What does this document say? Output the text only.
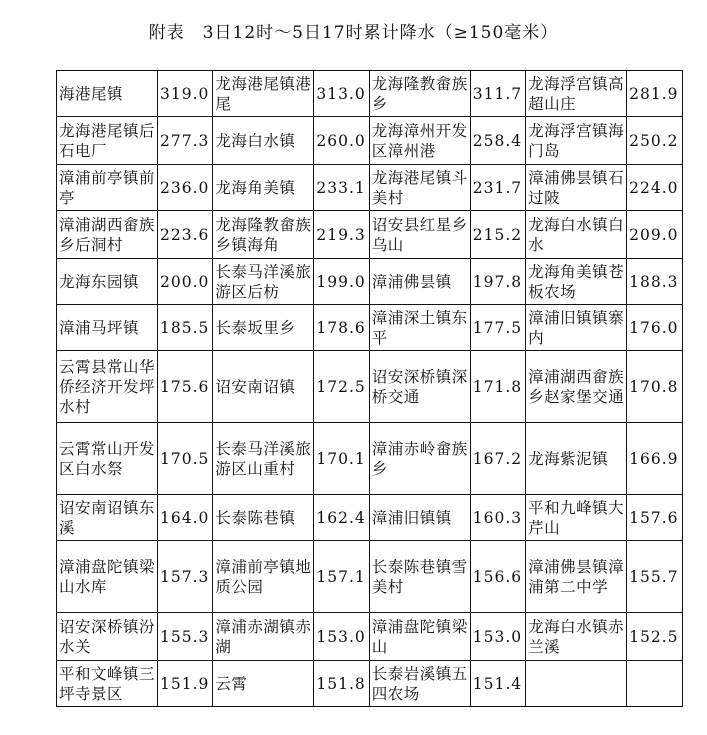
附表　3日12时～5日17时累计降水（≥150毫米）
海港尾镇	319.0	龙海港尾镇港尾	313.0	龙海隆教畲族乡	311.7	龙海浮宫镇高超山庄	281.9
龙海港尾镇后石电厂	277.3	龙海白水镇	260.0	龙海漳州开发区漳州港	258.4	龙海浮宫镇海门岛	250.2
漳浦前亭镇前亭	236.0	龙海角美镇	233.1	龙海港尾镇斗美村	231.7	漳浦佛昙镇石过陂	224.0
漳浦湖西畲族乡后洞村	223.6	龙海隆教畲族乡镇海角	219.3	诏安县红星乡乌山	215.2	龙海白水镇白水	209.0
龙海东园镇	200.0	长泰马洋溪旅游区后枋	199.0	漳浦佛昙镇	197.8	龙海角美镇苍板农场	188.3
漳浦马坪镇	185.5	长泰坂里乡	178.6	漳浦深土镇东平	177.5	漳浦旧镇镇寨内	176.0
云霄县常山华侨经济开发坪水村	175.6	诏安南诏镇	172.5	诏安深桥镇深桥交通	171.8	漳浦湖西畲族乡赵家堡交通	170.8
云霄常山开发区白水祭	170.5	长泰马洋溪旅游区山重村	170.1	漳浦赤岭畲族乡	167.2	龙海紫泥镇	166.9
诏安南诏镇东溪	164.0	长泰陈巷镇	162.4	漳浦旧镇镇	160.3	平和九峰镇大芹山	157.6
漳浦盘陀镇梁山水库	157.3	漳浦前亭镇地质公园	157.1	长泰陈巷镇雪美村	156.6	漳浦佛昙镇漳浦第二中学	155.7
诏安深桥镇汾水关	155.3	漳浦赤湖镇赤湖	153.0	漳浦盘陀镇梁山	153.0	龙海白水镇赤兰溪	152.5
平和文峰镇三坪寺景区	151.9	云霄	151.8	长泰岩溪镇五四农场	151.4		
